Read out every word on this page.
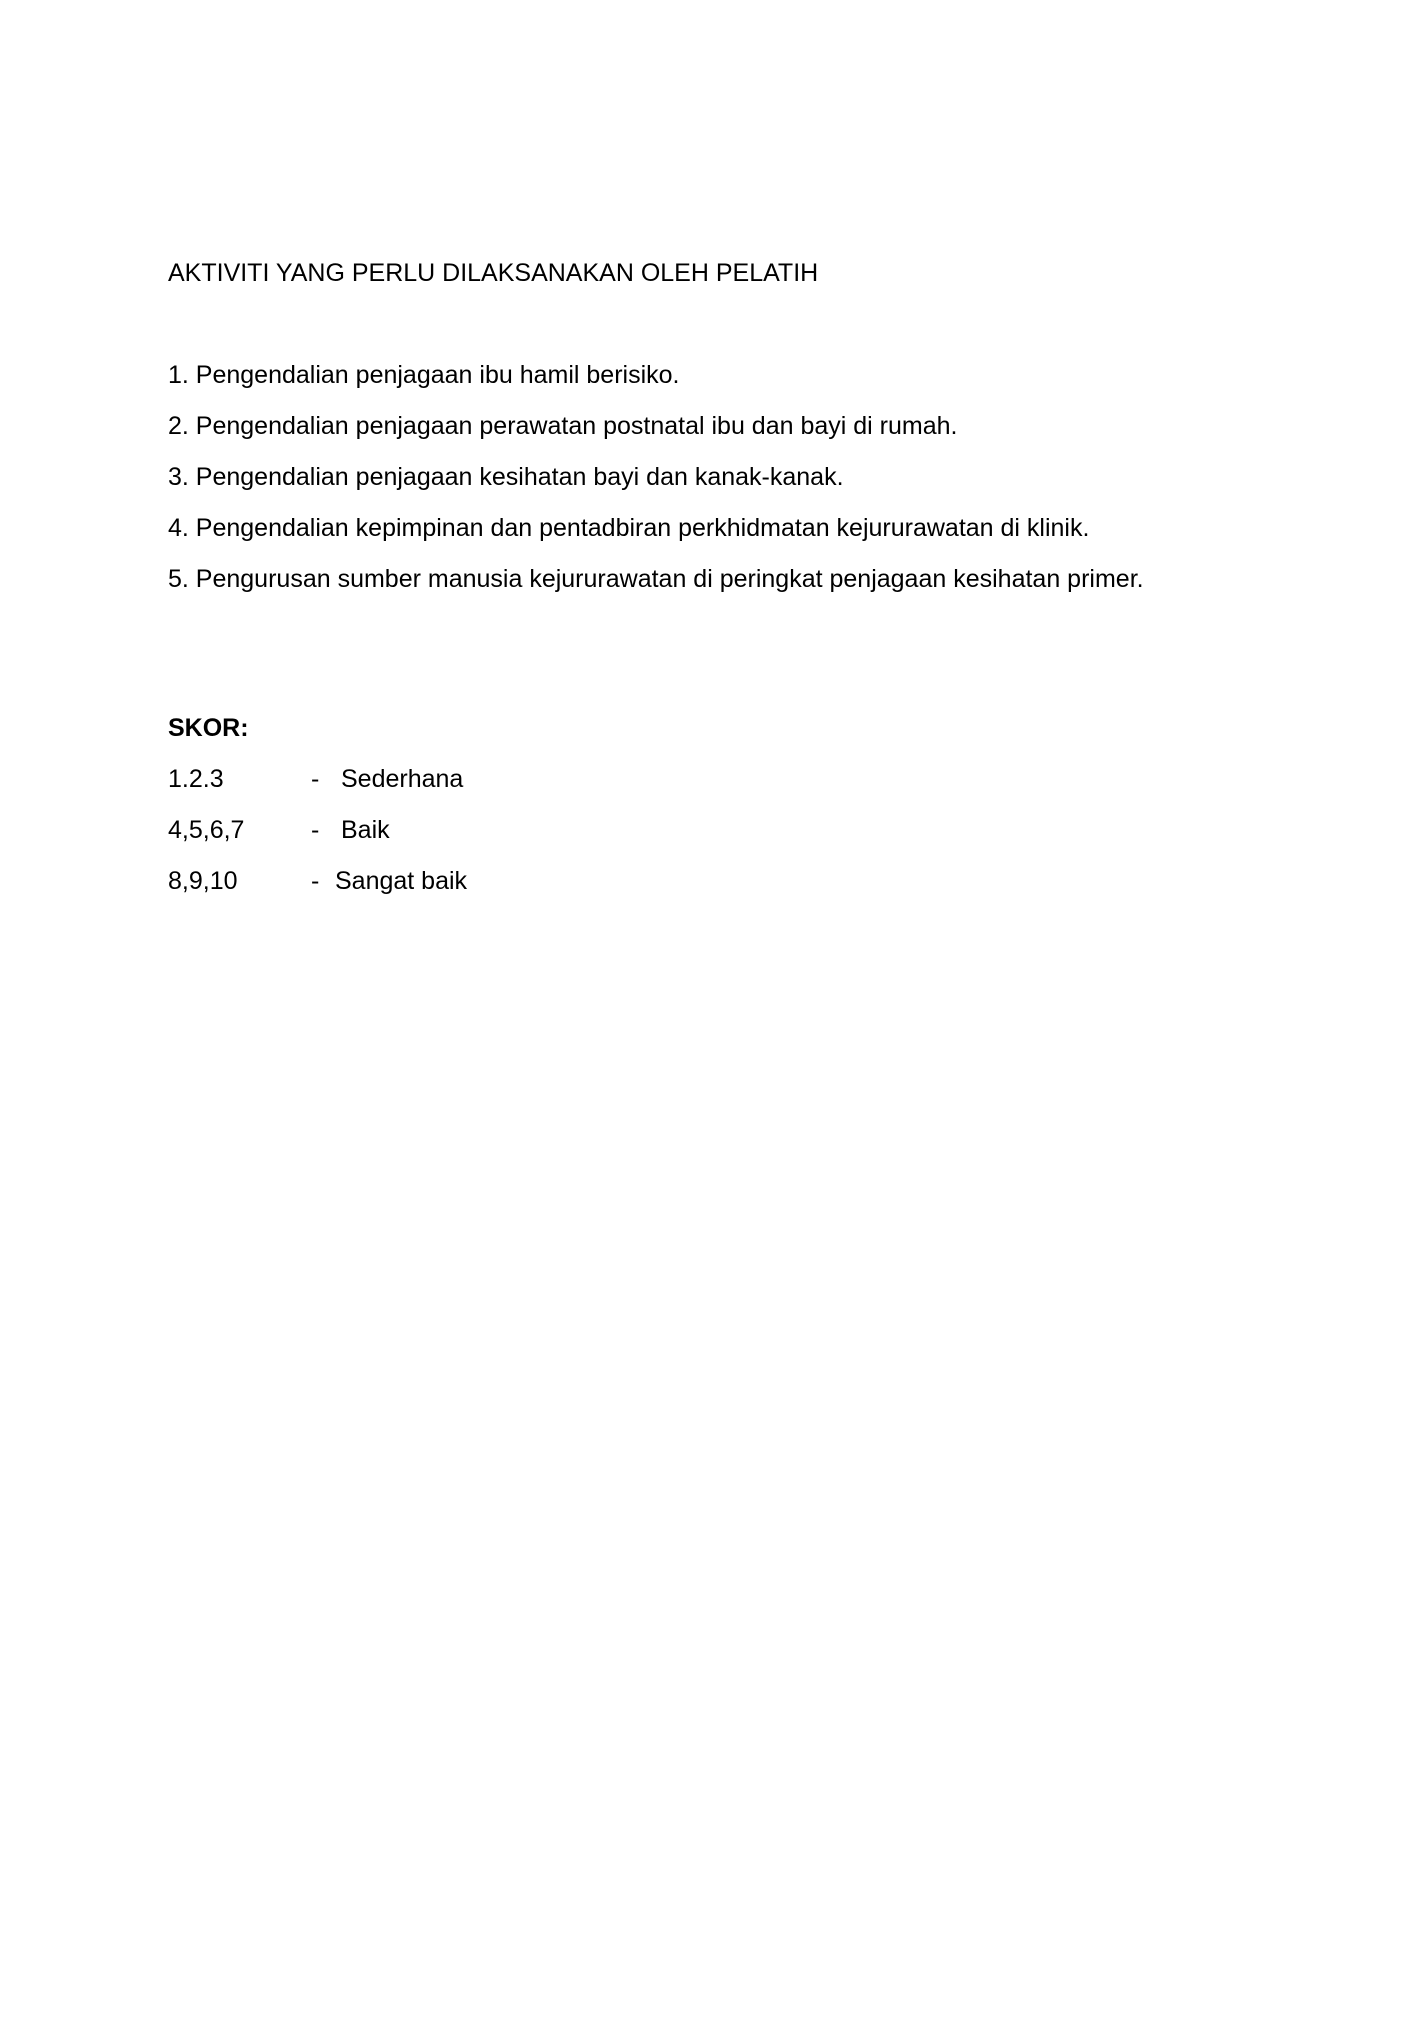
AKTIVITI YANG PERLU DILAKSANAKAN OLEH PELATIH
1. Pengendalian penjagaan ibu hamil berisiko.
2. Pengendalian penjagaan perawatan postnatal ibu dan bayi di rumah.
3. Pengendalian penjagaan kesihatan bayi dan kanak-kanak.
4. Pengendalian kepimpinan dan pentadbiran perkhidmatan kejururawatan di klinik.
5. Pengurusan sumber manusia kejururawatan di peringkat penjagaan kesihatan primer.
SKOR:
1.2.3	- Sederhana
4,5,6,7	- Baik
8,9,10	- Sangat baik
